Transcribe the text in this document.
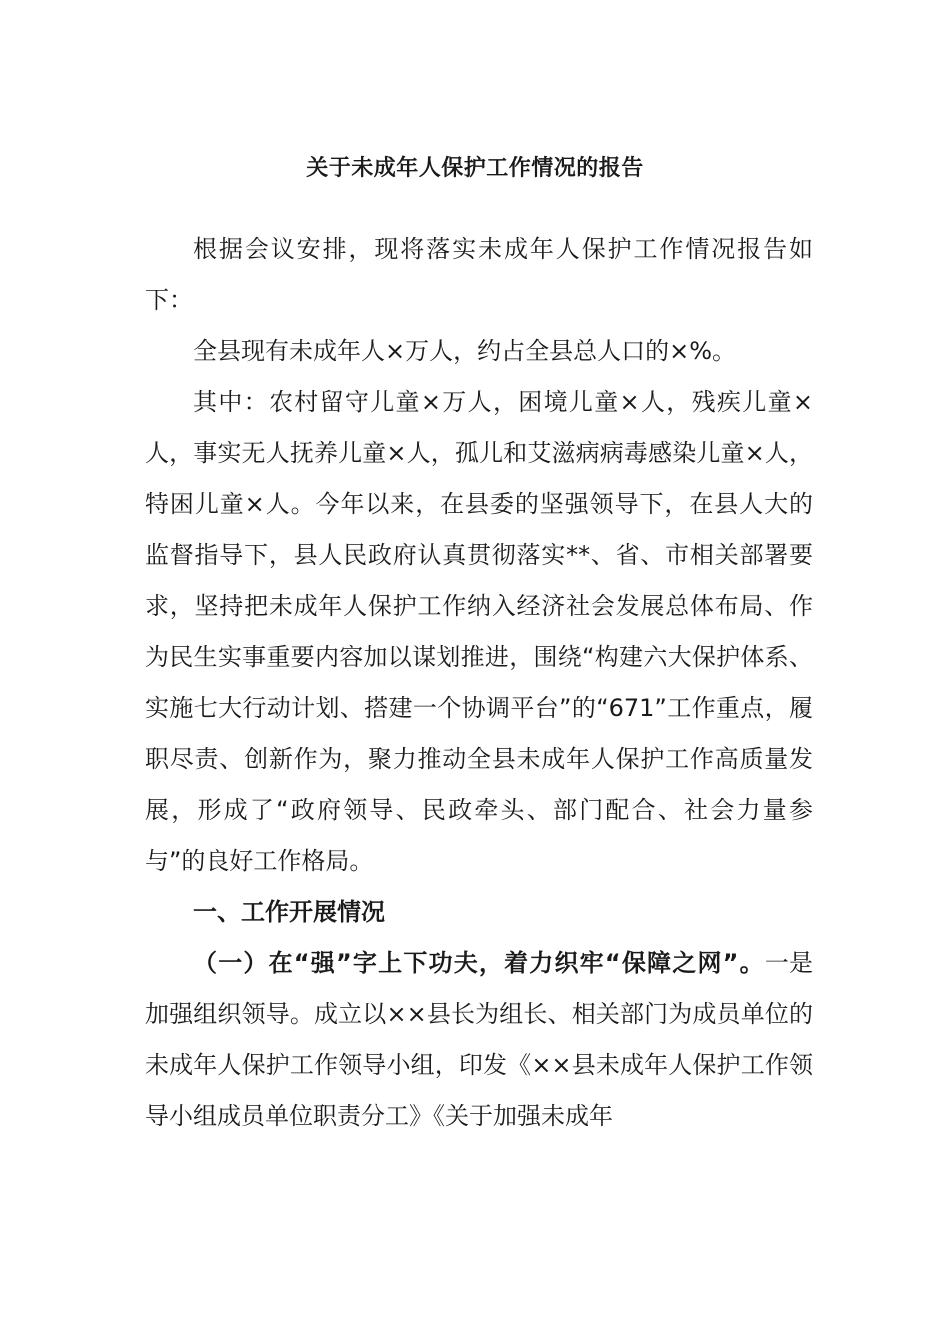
关于未成年人保护工作情况的报告

根据会议安排，现将落实未成年人保护工作情况报告如下：

全县现有未成年人×万人，约占全县总人口的×%。

其中：农村留守儿童×万人，困境儿童×人，残疾儿童×人，事实无人抚养儿童×人，孤儿和艾滋病病毒感染儿童×人，特困儿童×人。今年以来，在县委的坚强领导下，在县人大的监督指导下，县人民政府认真贯彻落实**、省、市相关部署要求，坚持把未成年人保护工作纳入经济社会发展总体布局、作为民生实事重要内容加以谋划推进，围绕“构建六大保护体系、实施七大行动计划、搭建一个协调平台”的“671”工作重点，履职尽责、创新作为，聚力推动全县未成年人保护工作高质量发展，形成了“政府领导、民政牵头、部门配合、社会力量参与”的良好工作格局。

一、工作开展情况

（一）在“强”字上下功夫，着力织牢“保障之网”。一是加强组织领导。成立以××县长为组长、相关部门为成员单位的未成年人保护工作领导小组，印发《××县未成年人保护工作领导小组成员单位职责分工》《关于加强未成年
